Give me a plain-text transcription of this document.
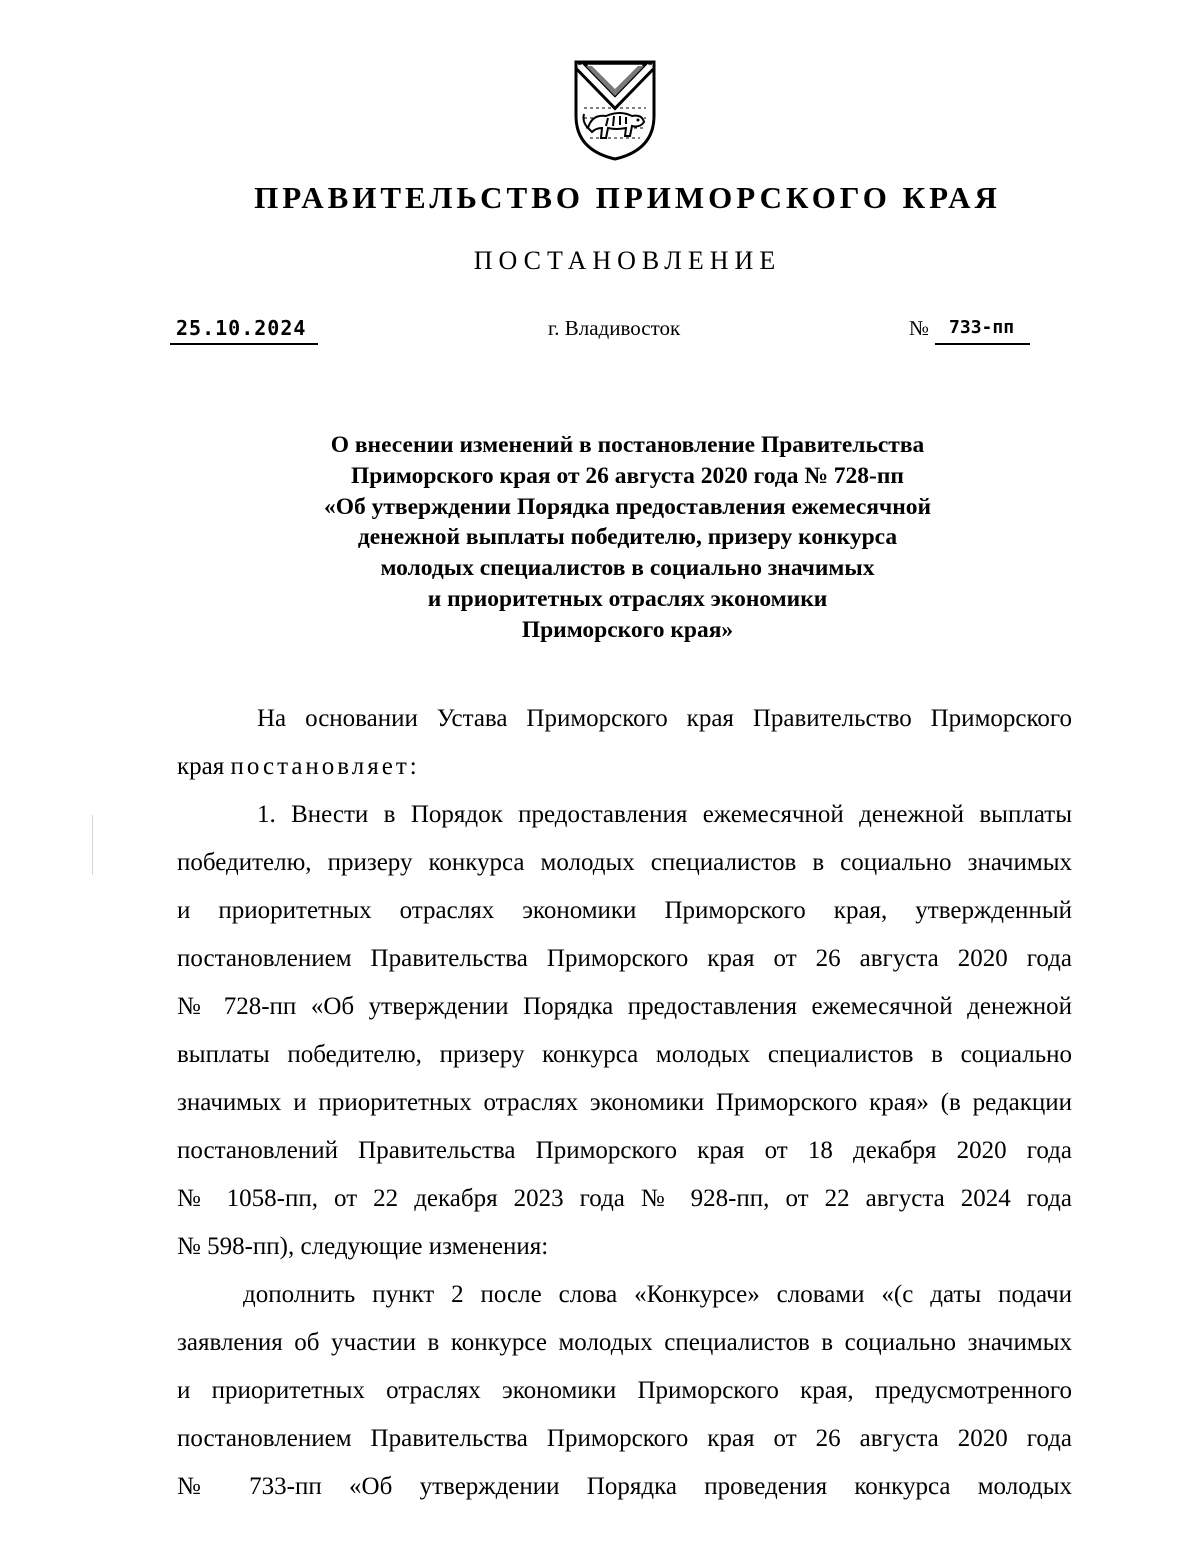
ПРАВИТЕЛЬСТВО ПРИМОРСКОГО КРАЯ
ПОСТАНОВЛЕНИЕ
25.10.2024	г. Владивосток	№ 733-пп
О внесении изменений в постановление Правительства
Приморского края от 26 августа 2020 года № 728-пп
«Об утверждении Порядка предоставления ежемесячной
денежной выплаты победителю, призеру конкурса
молодых специалистов в социально значимых
и приоритетных отраслях экономики
Приморского края»
На основании Устава Приморского края Правительство Приморского
края постановляет:
1. Внести в Порядок предоставления ежемесячной денежной выплаты
победителю, призеру конкурса молодых специалистов в социально значимых
и приоритетных отраслях экономики Приморского края, утвержденный
постановлением Правительства Приморского края от 26 августа 2020 года
№ 728-пп «Об утверждении Порядка предоставления ежемесячной денежной
выплаты победителю, призеру конкурса молодых специалистов в социально
значимых и приоритетных отраслях экономики Приморского края» (в редакции
постановлений Правительства Приморского края от 18 декабря 2020 года
№ 1058-пп, от 22 декабря 2023 года № 928-пп, от 22 августа 2024 года
№ 598-пп), следующие изменения:
дополнить пункт 2 после слова «Конкурсе» словами «(с даты подачи
заявления об участии в конкурсе молодых специалистов в социально значимых
и приоритетных отраслях экономики Приморского края, предусмотренного
постановлением Правительства Приморского края от 26 августа 2020 года
№ 733-пп «Об утверждении Порядка проведения конкурса молодых
